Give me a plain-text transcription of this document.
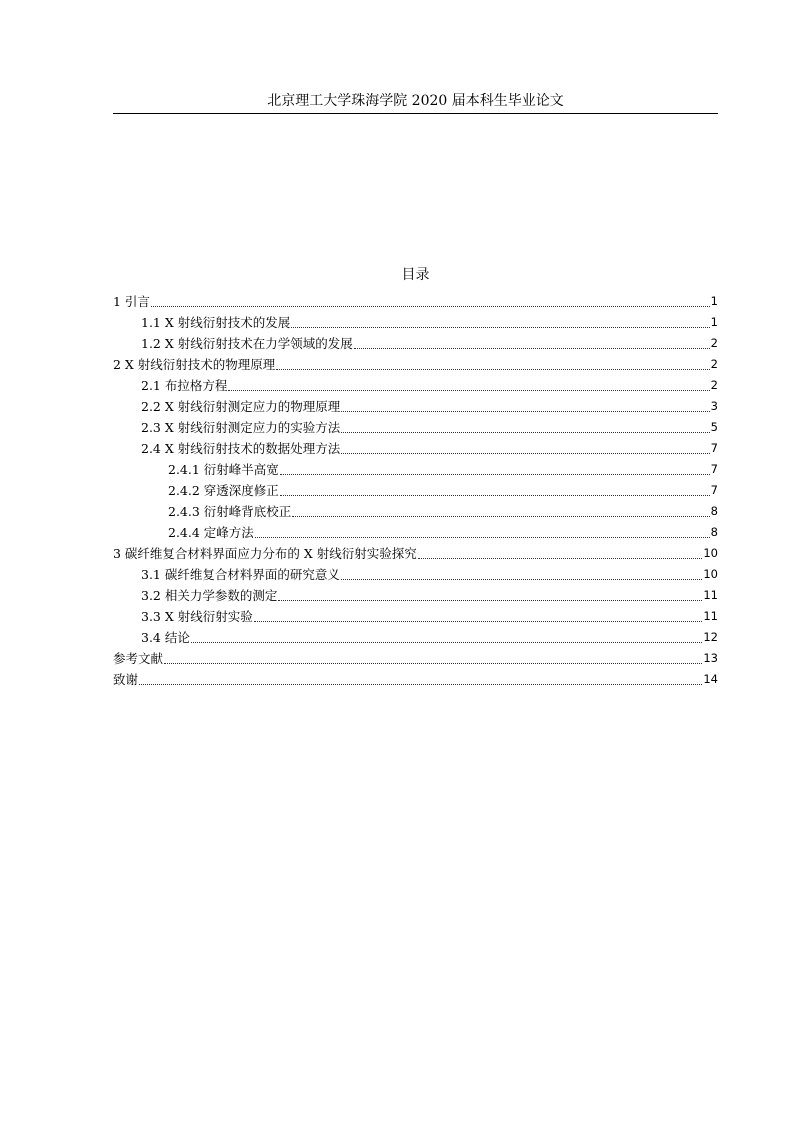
北京理工大学珠海学院 2020 届本科生毕业论文
目录
1 引言	1
1.1 X 射线衍射技术的发展	1
1.2 X 射线衍射技术在力学领域的发展	2
2 X 射线衍射技术的物理原理	2
2.1 布拉格方程	2
2.2 X 射线衍射测定应力的物理原理	3
2.3 X 射线衍射测定应力的实验方法	5
2.4 X 射线衍射技术的数据处理方法	7
2.4.1 衍射峰半高宽	7
2.4.2 穿透深度修正	7
2.4.3 衍射峰背底校正	8
2.4.4 定峰方法	8
3 碳纤维复合材料界面应力分布的 X 射线衍射实验探究	10
3.1 碳纤维复合材料界面的研究意义	10
3.2 相关力学参数的测定	11
3.3 X 射线衍射实验	11
3.4 结论	12
参考文献	13
致谢	14
